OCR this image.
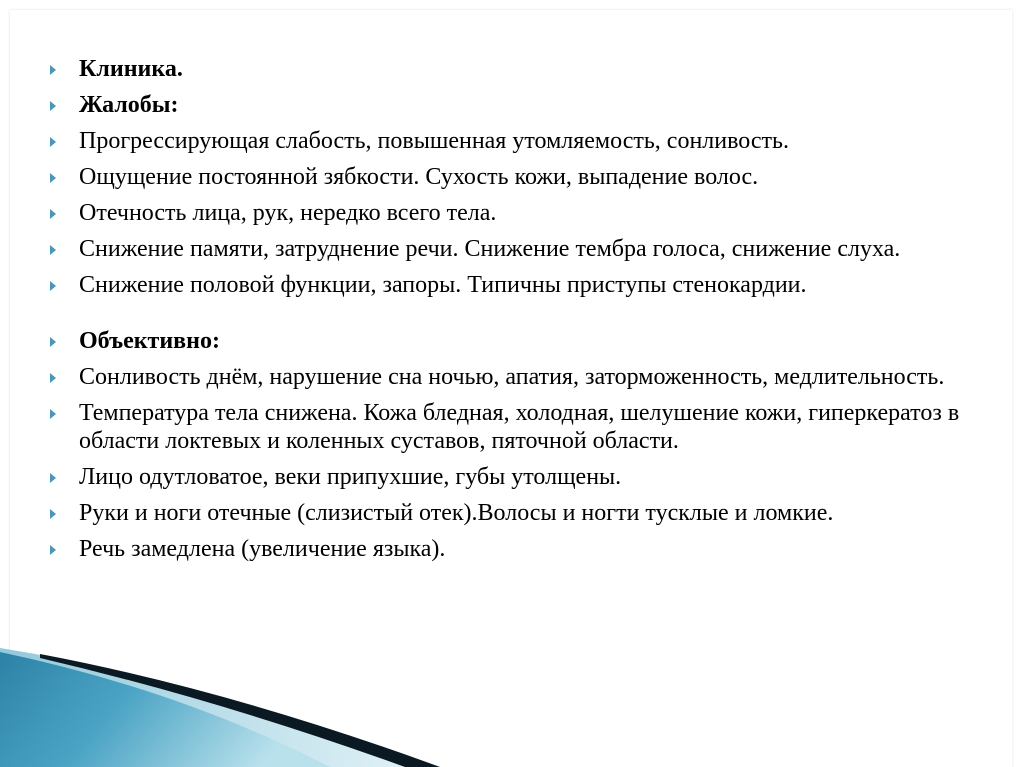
Клиника.
Жалобы:
Прогрессирующая слабость, повышенная утомляемость, сонливость.
Ощущение постоянной зябкости. Сухость кожи, выпадение волос.
Отечность лица, рук, нередко всего тела.
Снижение памяти, затруднение речи. Снижение тембра голоса, снижение слуха.
Снижение половой функции, запоры. Типичны приступы стенокардии.
Объективно:
Сонливость днём, нарушение сна ночью, апатия, заторможенность, медлительность.
Температура тела снижена. Кожа бледная, холодная, шелушение кожи, гиперкератоз в области локтевых и коленных суставов, пяточной области.
Лицо одутловатое, веки припухшие, губы утолщены.
Руки и ноги отечные (слизистый отек).Волосы и ногти тусклые и ломкие.
Речь замедлена (увеличение языка).
